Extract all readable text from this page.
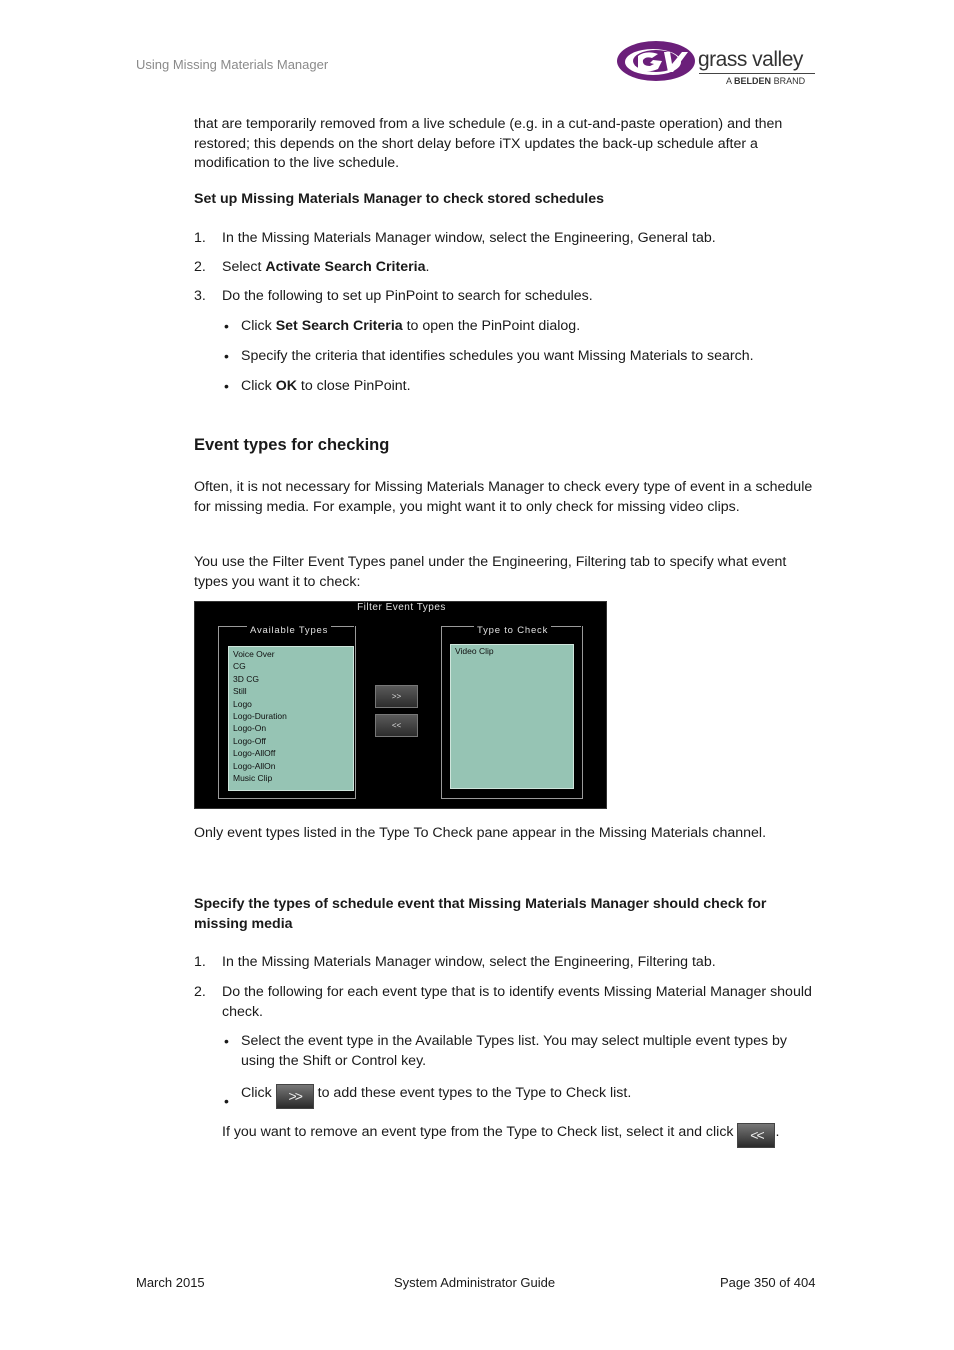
Using Missing Materials Manager	grass valley
A BELDEN BRAND
that are temporarily removed from a live schedule (e.g. in a cut-and-paste operation) and then restored; this depends on the short delay before iTX updates the back-up schedule after a modification to the live schedule.
Set up Missing Materials Manager to check stored schedules
1. In the Missing Materials Manager window, select the Engineering, General tab.
2. Select Activate Search Criteria.
3. Do the following to set up PinPoint to search for schedules.
• Click Set Search Criteria to open the PinPoint dialog.
• Specify the criteria that identifies schedules you want Missing Materials to search.
• Click OK to close PinPoint.
Event types for checking
Often, it is not necessary for Missing Materials Manager to check every type of event in a schedule for missing media. For example, you might want it to only check for missing video clips.
You use the Filter Event Types panel under the Engineering, Filtering tab to specify what event types you want it to check:
Filter Event Types
Available Types
Voice Over
CG
3D CG
Still
Logo
Logo-Duration
Logo-On
Logo-Off
Logo-AllOff
Logo-AllOn
Music Clip
>>
<<
Type to Check
Video Clip
Only event types listed in the Type To Check pane appear in the Missing Materials channel.
Specify the types of schedule event that Missing Materials Manager should check for missing media
1. In the Missing Materials Manager window, select the Engineering, Filtering tab.
2. Do the following for each event type that is to identify events Missing Material Manager should check.
• Select the event type in the Available Types list. You may select multiple event types by using the Shift or Control key.
• Click >> to add these event types to the Type to Check list.
If you want to remove an event type from the Type to Check list, select it and click << .
March 2015	System Administrator Guide	Page 350 of 404
